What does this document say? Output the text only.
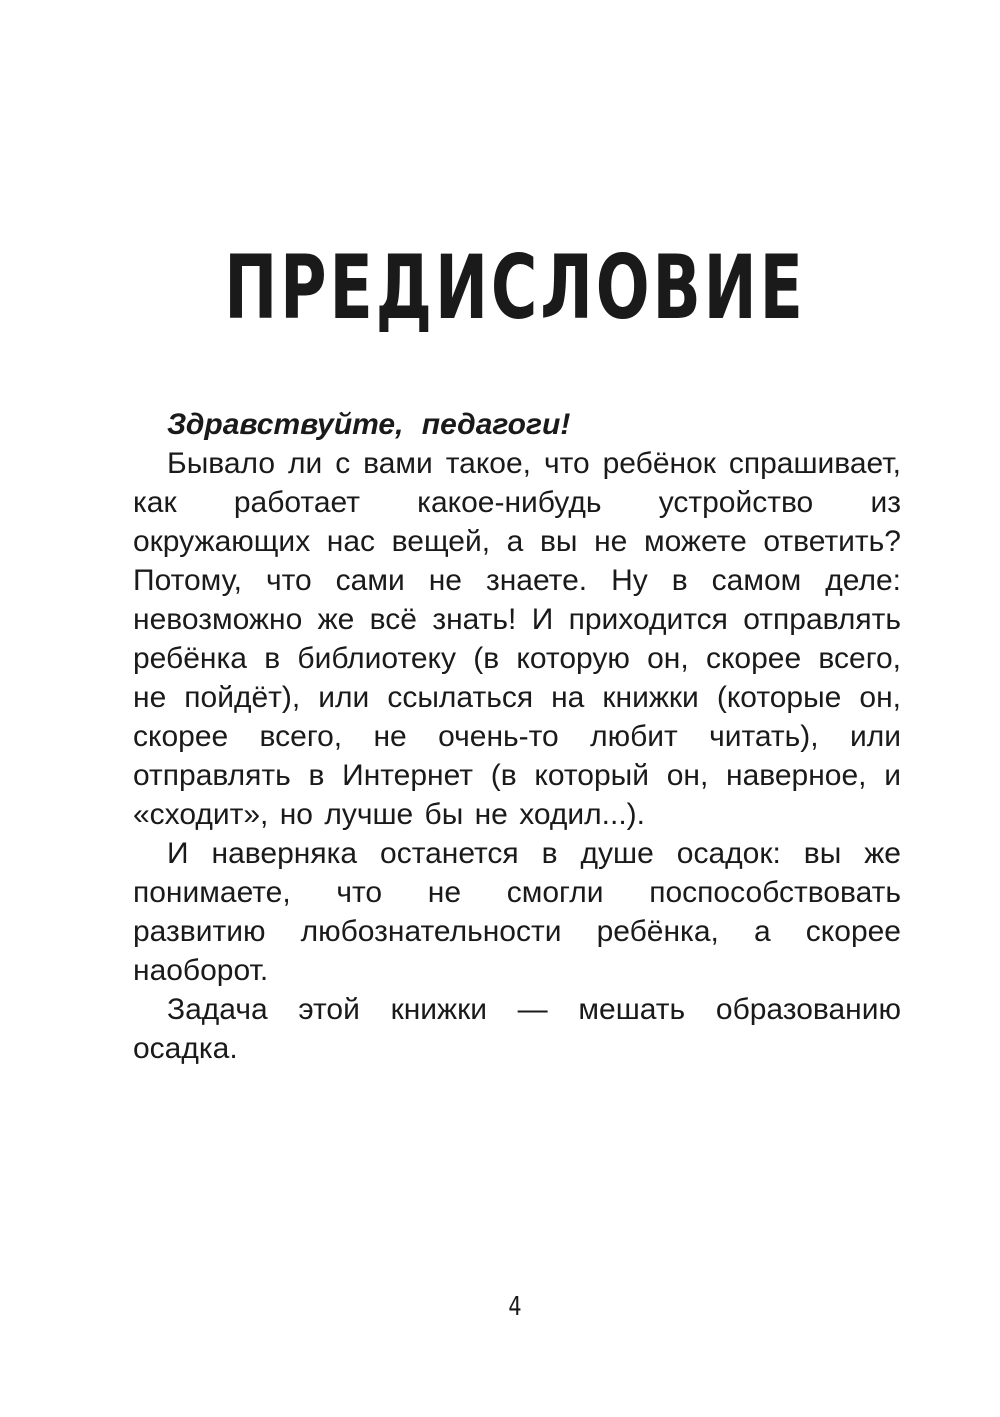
ПРЕДИСЛОВИЕ

Здравствуйте, педагоги!

Бывало ли с вами такое, что ребёнок спрашивает, как работает какое-нибудь устройство из окружающих нас вещей, а вы не можете ответить? Потому, что сами не знаете. Ну в самом деле: невозможно же всё знать! И приходится отправлять ребёнка в библиотеку (в которую он, скорее всего, не пойдёт), или ссылаться на книжки (которые он, скорее всего, не очень-то любит читать), или отправлять в Интернет (в который он, наверное, и «сходит», но лучше бы не ходил...).

И наверняка останется в душе осадок: вы же понимаете, что не смогли поспособствовать развитию любознательности ребёнка, а скорее наоборот.

Задача этой книжки — мешать образованию осадка.

4
